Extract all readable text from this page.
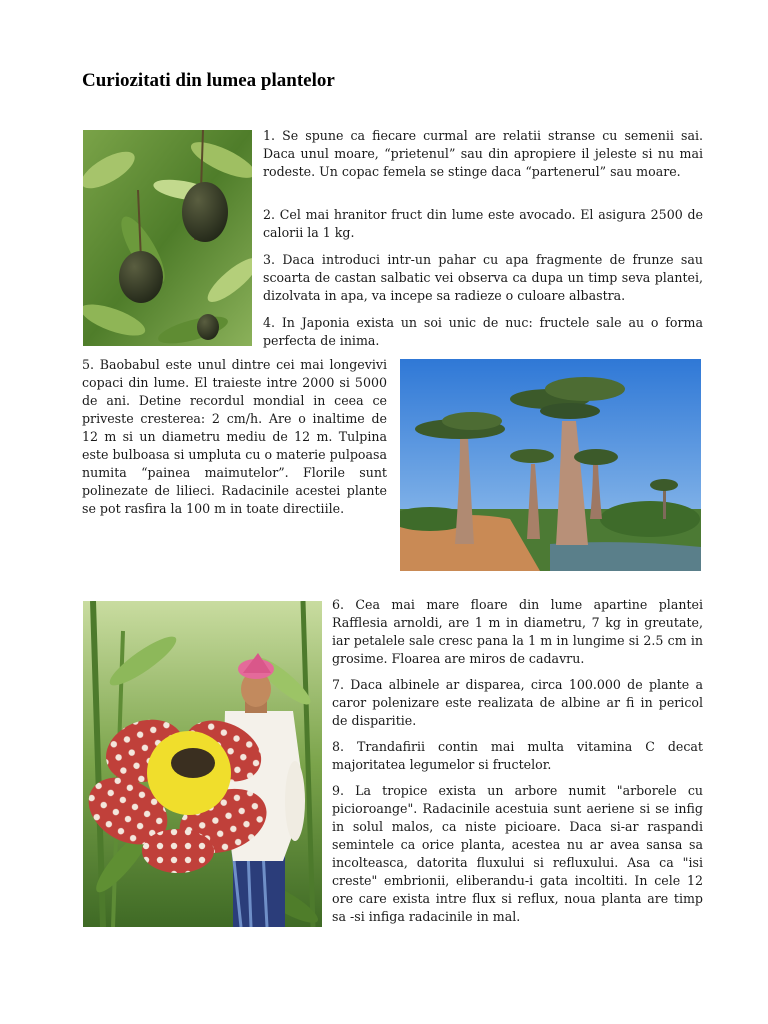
Curiozitati din lumea plantelor

1. Se spune ca fiecare curmal are relatii stranse cu semenii sai. Daca unul moare, “prietenul” sau din apropiere il jeleste si nu mai rodeste. Un copac femela se stinge daca “partenerul” sau moare.

2. Cel mai hranitor fruct din lume este avocado. El asigura 2500 de calorii la 1 kg.

3. Daca introduci intr-un pahar cu apa fragmente de frunze sau scoarta de castan salbatic vei observa ca dupa un timp seva plantei, dizolvata in apa, va incepe sa radieze o culoare albastra.

4. In Japonia exista un soi unic de nuc: fructele sale au o forma perfecta de inima.

5. Baobabul este unul dintre cei mai longevivi copaci din lume. El traieste intre 2000 si 5000 de ani. Detine recordul mondial in ceea ce priveste cresterea: 2 cm/h. Are o inaltime de 12 m si un diametru mediu de 12 m. Tulpina este bulboasa si umpluta cu o materie pulpoasa numita “painea maimutelor”. Florile sunt polinezate de lilieci. Radacinile acestei plante se pot rasfira la 100 m in toate directiile.

6. Cea mai mare floare din lume apartine plantei Rafflesia arnoldi, are 1 m in diametru, 7 kg in greutate, iar petalele sale cresc pana la 1 m in lungime si 2.5 cm in grosime. Floarea are miros de cadavru.

7. Daca albinele ar disparea, circa 100.000 de plante a caror polenizare este realizata de albine ar fi in pericol de disparitie.

8. Trandafirii contin mai multa vitamina C decat majoritatea legumelor si fructelor.

9. La tropice exista un arbore numit "arborele cu picioroange". Radacinile acestuia sunt aeriene si se infig in solul malos, ca niste picioare. Daca si-ar raspandi semintele ca orice planta, acestea nu ar avea sansa sa incolteasca, datorita fluxului si refluxului. Asa ca "isi creste" embrionii, eliberandu-i gata incoltiti. In cele 12 ore care exista intre flux si reflux, noua planta are timp sa -si infiga radacinile in mal.
